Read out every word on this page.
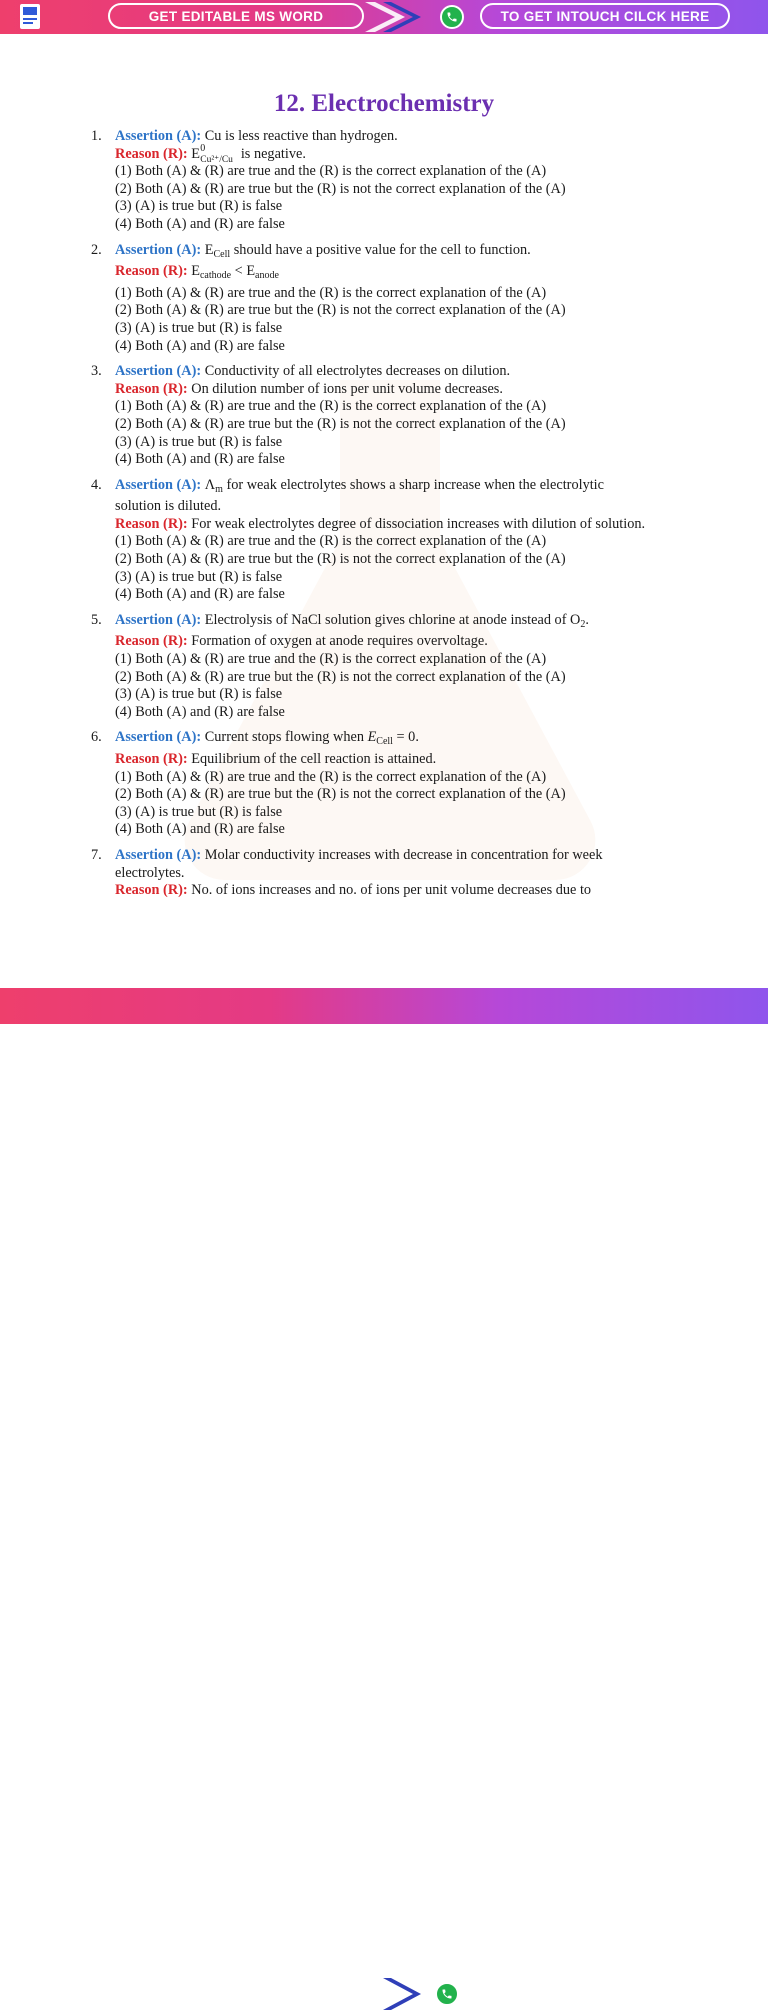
GET EDITABLE MS WORD	TO GET INTOUCH CILCK HERE
12. Electrochemistry
1. Assertion (A): Cu is less reactive than hydrogen.
Reason (R): E 0
Cu²⁺/Cu is negative.
(1) Both (A) & (R) are true and the (R) is the correct explanation of the (A)
(2) Both (A) & (R) are true but the (R) is not the correct explanation of the (A)
(3) (A) is true but (R) is false
(4) Both (A) and (R) are false
2. Assertion (A): $E_{Cell}$ should have a positive value for the cell to function.
Reason (R): $E_{cathode} < E_{anode}$
(1) Both (A) & (R) are true and the (R) is the correct explanation of the (A)
(2) Both (A) & (R) are true but the (R) is not the correct explanation of the (A)
(3) (A) is true but (R) is false
(4) Both (A) and (R) are false
3. Assertion (A): Conductivity of all electrolytes decreases on dilution.
Reason (R): On dilution number of ions per unit volume decreases.
(1) Both (A) & (R) are true and the (R) is the correct explanation of the (A)
(2) Both (A) & (R) are true but the (R) is not the correct explanation of the (A)
(3) (A) is true but (R) is false
(4) Both (A) and (R) are false
4. Assertion (A): $\Lambda_m$ for weak electrolytes shows a sharp increase when the electrolytic solution is diluted.
Reason (R): For weak electrolytes degree of dissociation increases with dilution of solution.
(1) Both (A) & (R) are true and the (R) is the correct explanation of the (A)
(2) Both (A) & (R) are true but the (R) is not the correct explanation of the (A)
(3) (A) is true but (R) is false
(4) Both (A) and (R) are false
5. Assertion (A): Electrolysis of NaCl solution gives chlorine at anode instead of $O_2$.
Reason (R): Formation of oxygen at anode requires overvoltage.
(1) Both (A) & (R) are true and the (R) is the correct explanation of the (A)
(2) Both (A) & (R) are true but the (R) is not the correct explanation of the (A)
(3) (A) is true but (R) is false
(4) Both (A) and (R) are false
6. Assertion (A): Current stops flowing when $E_{Cell} = 0$.
Reason (R): Equilibrium of the cell reaction is attained.
(1) Both (A) & (R) are true and the (R) is the correct explanation of the (A)
(2) Both (A) & (R) are true but the (R) is not the correct explanation of the (A)
(3) (A) is true but (R) is false
(4) Both (A) and (R) are false
7. Assertion (A): Molar conductivity increases with decrease in concentration for week electrolytes.
Reason (R): No. of ions increases and no. of ions per unit volume decreases due to
qbadmnin.teachhire.in	TO GET INTOUCH CILCK HERE
